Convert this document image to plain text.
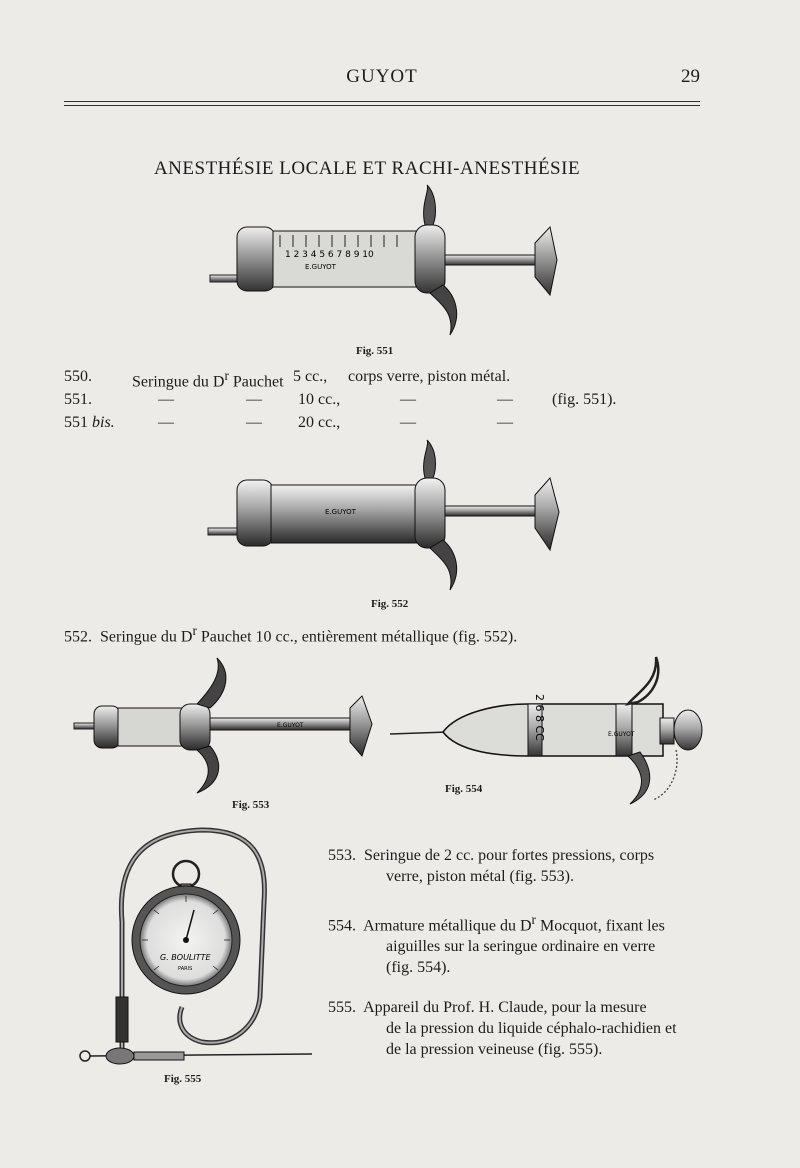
GUYOT	29
ANESTHÉSIE LOCALE ET RACHI-ANESTHÉSIE
1 2 3 4 5 6 7 8 9 10
E.GUYOT
Fig. 551
550.	Seringue du $D^r$ Pauchet 5 cc., corps verre, piston métal.
551.	—	— 10 cc.,	—	— (fig. 551).
551 bis.	—	— 20 cc.,	—	—
E.GUYOT
Fig. 552
552. Seringue du $D^r$ Pauchet 10 cc., entièrement métallique (fig. 552).
E.GUYOT
Fig. 553
2 6 8 CC	E.GUYOT
Fig. 554
G. BOULITTE
PARIS
Fig. 555
553. Seringue de 2 cc. pour fortes pressions, corps
verre, piston métal (fig. 553).
554. Armature métallique du $D^r$ Mocquot, fixant les
aiguilles sur la seringue ordinaire en verre
(fig. 554).
555. Appareil du Prof. H. Claude, pour la mesure
de la pression du liquide céphalo-rachidien et
de la pression veineuse (fig. 555).
